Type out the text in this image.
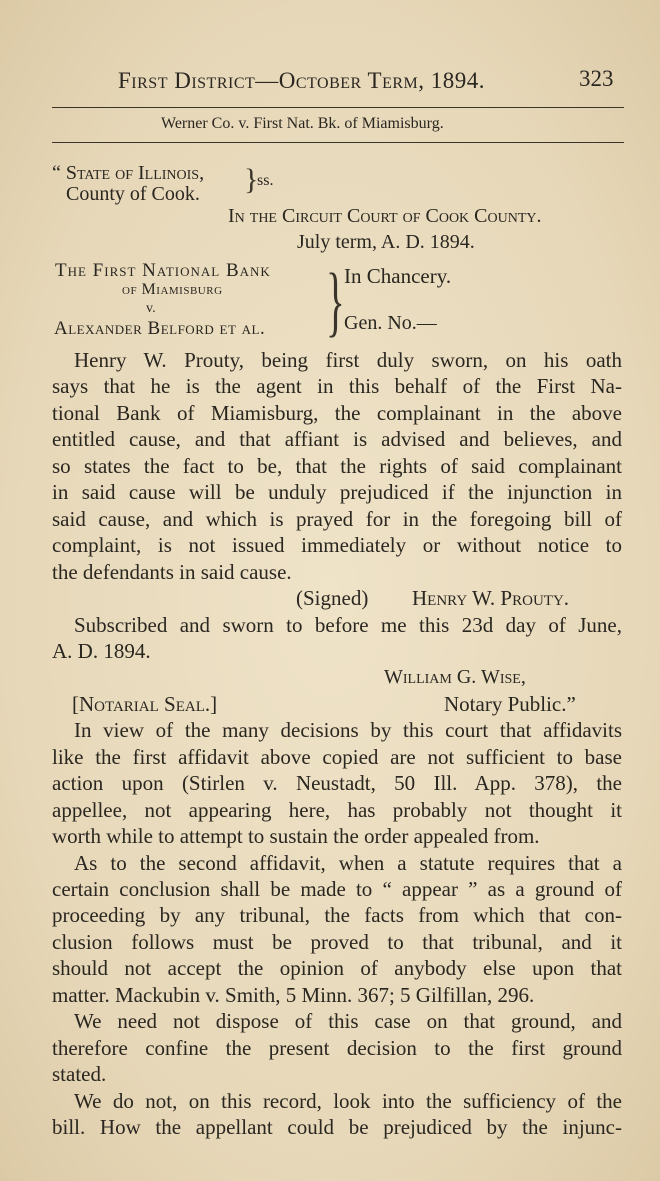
First District—October Term, 1894.	323
Werner Co. v. First Nat. Bk. of Miamisburg.
“ State of Illinois,
County of Cook. }
ss.
In the Circuit Court of Cook County.
July term, A. D. 1894.
The First National Bank
of Miamisburg
v.
Alexander Belford et al. } In Chancery.
Gen. No.—
Henry W. Prouty, being first duly sworn, on his oath
says that he is the agent in this behalf of the First Na-
tional Bank of Miamisburg, the complainant in the above
entitled cause, and that affiant is advised and believes, and
so states the fact to be, that the rights of said complainant
in said cause will be unduly prejudiced if the injunction in
said cause, and which is prayed for in the foregoing bill of
complaint, is not issued immediately or without notice to
the defendants in said cause.
(Signed) Henry W. Prouty.
Subscribed and sworn to before me this 23d day of June,
A. D. 1894.
William G. Wise,
[Notarial Seal.]	Notary Public.”
In view of the many decisions by this court that affidavits
like the first affidavit above copied are not sufficient to base
action upon (Stirlen v. Neustadt, 50 Ill. App. 378), the
appellee, not appearing here, has probably not thought it
worth while to attempt to sustain the order appealed from.
As to the second affidavit, when a statute requires that a
certain conclusion shall be made to “ appear ” as a ground of
proceeding by any tribunal, the facts from which that con-
clusion follows must be proved to that tribunal, and it
should not accept the opinion of anybody else upon that
matter. Mackubin v. Smith, 5 Minn. 367; 5 Gilfillan, 296.
We need not dispose of this case on that ground, and
therefore confine the present decision to the first ground
stated.
We do not, on this record, look into the sufficiency of the
bill. How the appellant could be prejudiced by the injunc-
